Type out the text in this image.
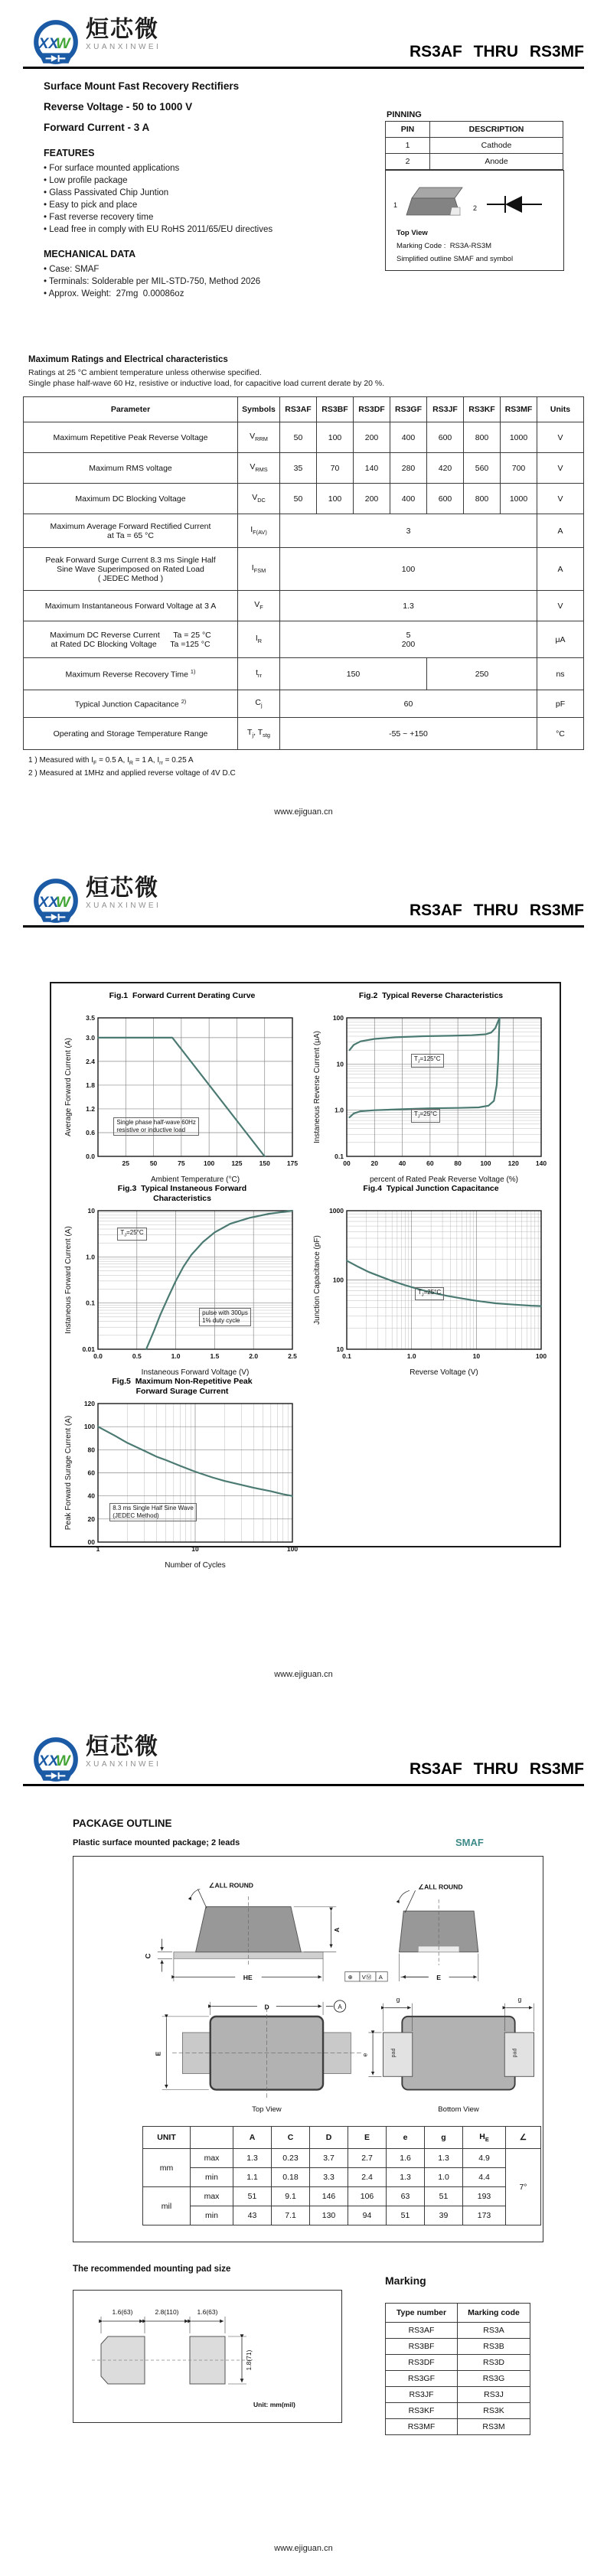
XX
W
烜芯微
XUANXINWEI	RS3AF THRU RS3MF
Surface Mount Fast Recovery Rectifiers
Reverse Voltage - 50 to 1000 V
Forward Current - 3 A
FEATURES
• For surface mounted applications
• Low profile package
• Glass Passivated Chip Juntion
• Easy to pick and place
• Fast reverse recovery time
• Lead free in comply with EU RoHS 2011/65/EU directives
MECHANICAL DATA
• Case: SMAF
• Terminals: Solderable per MIL-STD-750, Method 2026
• Approx. Weight:  27mg  0.00086oz
PINNING
PIN	DESCRIPTION
1	Cathode
2	Anode
1	2
Top View
Marking Code :  RS3A-RS3M
Simplified outline SMAF and symbol
Maximum Ratings and Electrical characteristics
Ratings at 25 °C ambient temperature unless otherwise specified.
Single phase half-wave 60 Hz, resistive or inductive load, for capacitive load current derate by 20 %.
Parameter	Symbols	RS3AF	RS3BF	RS3DF	RS3GF	RS3JF	RS3KF	RS3MF	Units
Maximum Repetitive Peak Reverse Voltage	$V_{RRM}$	50	100	200	400	600	800	1000	V
Maximum RMS voltage	$V_{RMS}$	35	70	140	280	420	560	700	V
Maximum DC Blocking Voltage	$V_{DC}$	50	100	200	400	600	800	1000	V
Maximum Average Forward Rectified Current
at Ta = 65 °C	$I_{F(AV)}$	3							A
Peak Forward Surge Current 8.3 ms Single Half
Sine Wave Superimposed on Rated Load
( JEDEC Method )	$I_{FSM}$	100							A
Maximum Instantaneous Forward Voltage at 3 A	$V_F$	1.3							V
Maximum DC Reverse Current      Ta = 25 °C
at Rated DC Blocking Voltage      Ta =125 °C	$I_R$	5
200							μA
Maximum Reverse Recovery Time $^{1)}$	$t_{rr}$	150				250			ns
Typical Junction Capacitance $^{2)}$	$C_j$	60							pF
Operating and Storage Temperature Range	$T_j$, $T_{stg}$	-55 ~ +150							°C
1 ) Measured with $I_F = 0.5$ A, $I_R = 1$ A, $I_{rr} = 0.25$ A
2 ) Measured at 1MHz and applied reverse voltage of 4V D.C
www.ejiguan.cn
XX
W
烜芯微
XUANXINWEI	RS3AF THRU RS3MF
Fig.1  Forward Current Derating Curve
25	50	75	100	125	150	175
0.0
0.6
1.2
1.8
2.4
3.0
3.5
Ambient Temperature (°C)
Average Forward Current (A)	Single phase half-wave 60Hz
resistive or inductive load
Fig.2  Typical Reverse Characteristics
00	20	40	60	80	100	120	140
0.1
1.0
10
100
percent of Rated Peak Reverse Voltage (%)
Instaneous Reverse Current (μA)	$T_J=125^\circ C$
$T_J=25^\circ C$
Fig.3  Typical Instaneous Forward
Characteristics
0.0	0.5	1.0	1.5	2.0	2.5
0.01
0.1
1.0
10
Instaneous Forward Voltage (V)
Instaneous Forward Current (A)	$T_J=25^\circ C$
pulse with 300μs
1% duty cycle
Fig.4  Typical Junction Capacitance
0.1	1.0	10	100
10
100
1000
Reverse Voltage (V)
Junction Capacitance (pF)	$T_J=25^\circ C$
Fig.5  Maximum Non-Repetitive Peak
Forward Surage Current
1	10	100
00
20
40
60
80
100
120
Number of Cycles
Peak Forward Surage Current (A)	8.3 ms Single Half Sine Wave
(JEDEC Method)
www.ejiguan.cn
XX
W
烜芯微
XUANXINWEI	RS3AF THRU RS3MF
PACKAGE OUTLINE
Plastic surface mounted package; 2 leads	SMAF
∠ALL ROUND
A
C
HE	⊕ VⓂ A
∠ALL ROUND
E
D	A
E
Top View
pad	pad
g	g
e
Bottom View
UNIT		A	C	D	E	e	g	$H_E$	∠
mm	max	1.3	0.23	3.7	2.7	1.6	1.3	4.9	7°
	min	1.1	0.18	3.3	2.4	1.3	1.0	4.4	
mil	max	51	9.1	146	106	63	51	193	
	min	43	7.1	130	94	51	39	173	
The recommended mounting pad size
1.6(63)	2.8(110)	1.6(63)
1.8(71)
Unit: mm(mil)
Marking
Type number	Marking code
RS3AF	RS3A
RS3BF	RS3B
RS3DF	RS3D
RS3GF	RS3G
RS3JF	RS3J
RS3KF	RS3K
RS3MF	RS3M
www.ejiguan.cn
